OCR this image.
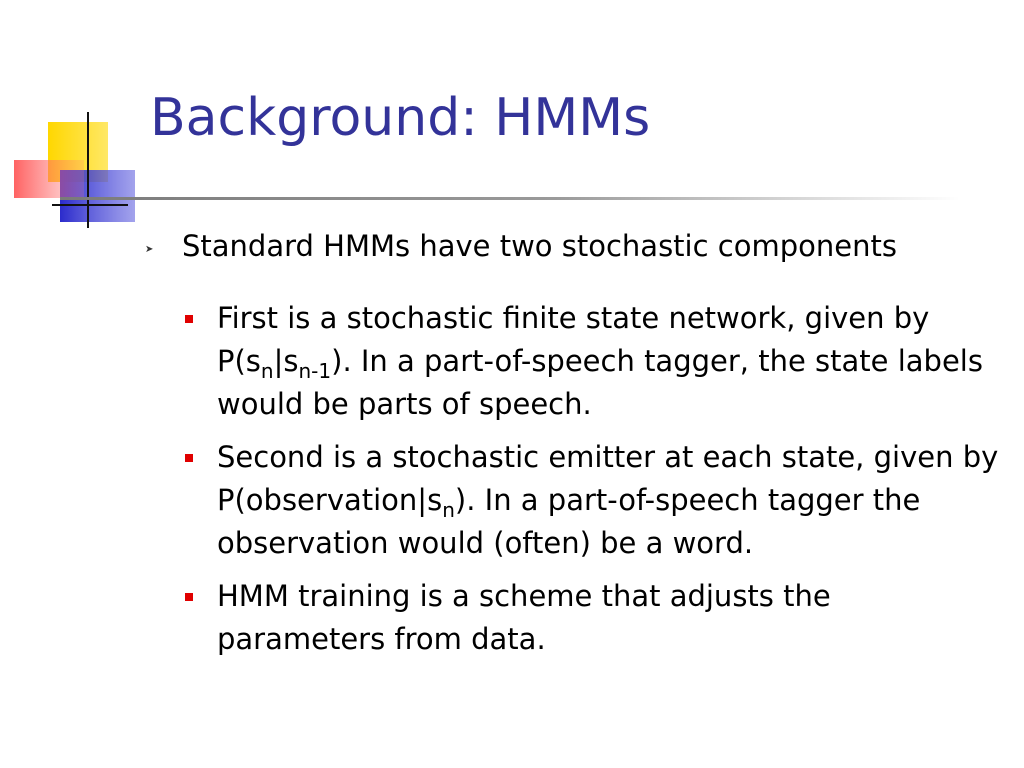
Background: HMMs
➤ Standard HMMs have two stochastic components
First is a stochastic finite state network, given by $P(s_n|s_{n-1})$. In a part-of-speech tagger, the state labels would be parts of speech.
Second is a stochastic emitter at each state, given by $P(observation|s_n)$. In a part-of-speech tagger the observation would (often) be a word.
HMM training is a scheme that adjusts the parameters from data.
